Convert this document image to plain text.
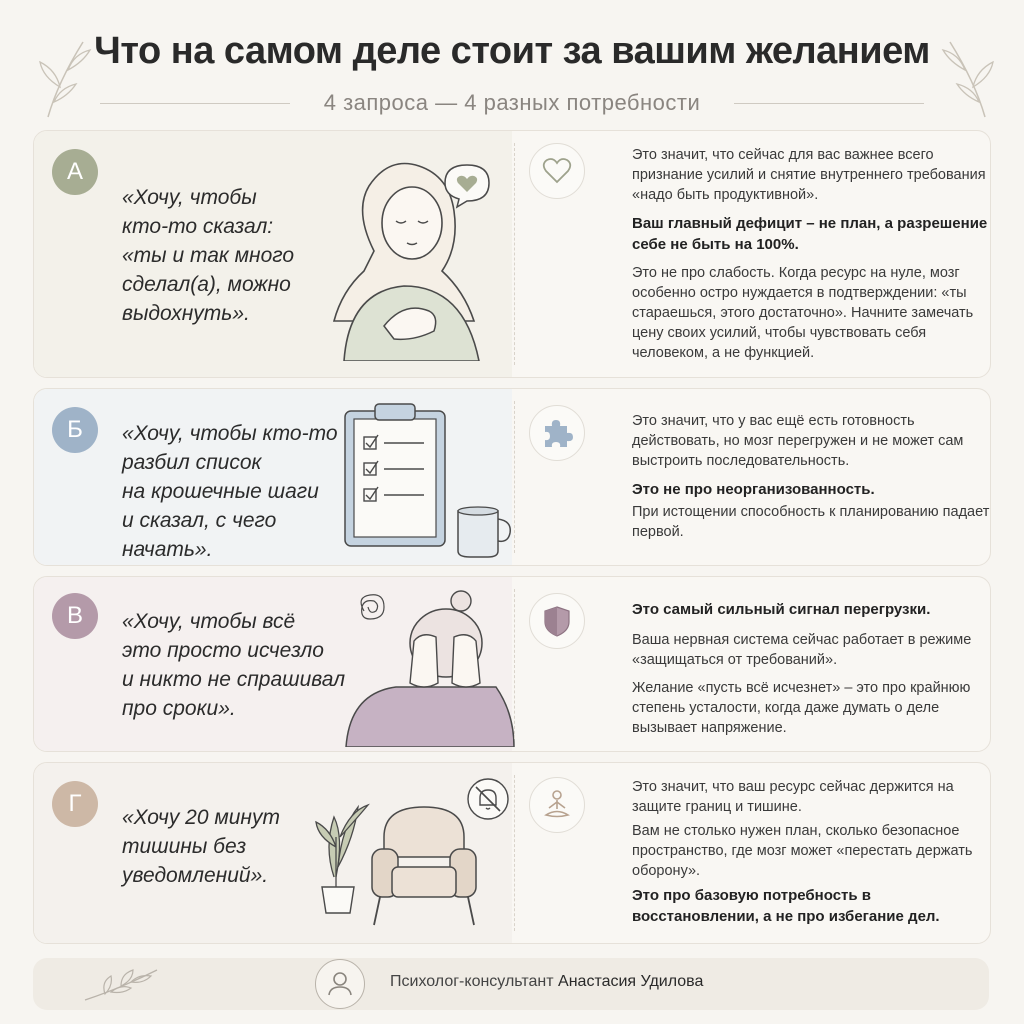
Что на самом деле стоит за вашим желанием
4 запроса — 4 разных потребности
А
«Хочу, чтобы
кто-то сказал:
«ты и так много
сделал(а), можно
выдохнуть».

Это значит, что сейчас для вас важнее всего признание усилий и снятие внутреннего требования «надо быть продуктивной».

Ваш главный дефицит – не план, а разрешение себе не быть на 100%.

Это не про слабость. Когда ресурс на нуле, мозг особенно остро нуждается в подтверждении: «ты стараешься, этого достаточно». Начните замечать цену своих усилий, чтобы чувствовать себя человеком, а не функцией.

Б	«Хочу, чтобы кто-то
разбил список
на крошечные шаги
и сказал, с чего
начать».

Это значит, что у вас ещё есть готовность действовать, но мозг перегружен и не может сам выстроить последовательность.

Это не про неорганизованность.

При истощении способность к планированию падает первой.

В	«Хочу, чтобы всё
это просто исчезло
и никто не спрашивал
про сроки».

Это самый сильный сигнал перегрузки.

Ваша нервная система сейчас работает в режиме «защищаться от требований».

Желание «пусть всё исчезнет» – это про крайнюю степень усталости, когда даже думать о деле вызывает напряжение.

Г
«Хочу 20 минут
тишины без
уведомлений».

Это значит, что ваш ресурс сейчас держится на защите границ и тишине.

Вам не столько нужен план, сколько безопасное пространство, где мозг может «перестать держать оборону».

Это про базовую потребность в восстановлении, а не про избегание дел.

Психолог-консультант Анастасия Удилова
